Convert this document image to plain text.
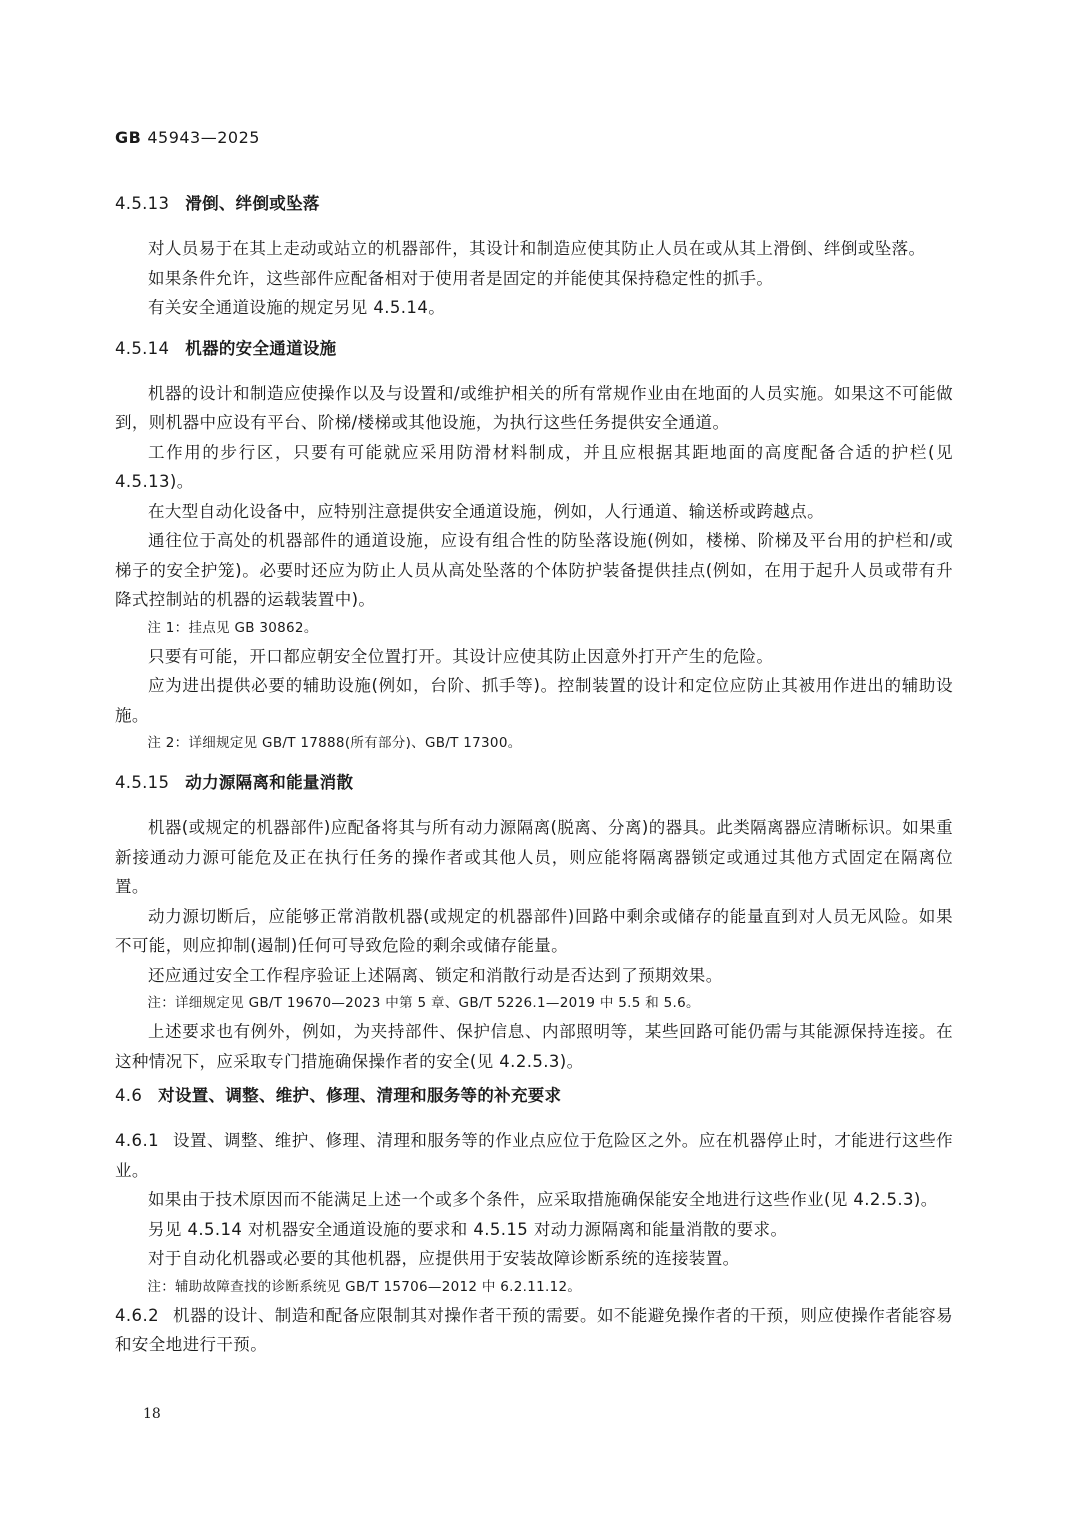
GB 45943—2025
4.5.13 滑倒、绊倒或坠落

对人员易于在其上走动或站立的机器部件，其设计和制造应使其防止人员在或从其上滑倒、绊倒或坠落。

如果条件允许，这些部件应配备相对于使用者是固定的并能使其保持稳定性的抓手。

有关安全通道设施的规定另见 4.5.14。

4.5.14 机器的安全通道设施

机器的设计和制造应使操作以及与设置和/或维护相关的所有常规作业由在地面的人员实施。如果这不可能做到，则机器中应设有平台、阶梯/楼梯或其他设施，为执行这些任务提供安全通道。

工作用的步行区，只要有可能就应采用防滑材料制成，并且应根据其距地面的高度配备合适的护栏(见 4.5.13)。

在大型自动化设备中，应特别注意提供安全通道设施，例如，人行通道、输送桥或跨越点。

通往位于高处的机器部件的通道设施，应设有组合性的防坠落设施(例如，楼梯、阶梯及平台用的护栏和/或梯子的安全护笼)。必要时还应为防止人员从高处坠落的个体防护装备提供挂点(例如，在用于起升人员或带有升降式控制站的机器的运载装置中)。

注 1：挂点见 GB 30862。

只要有可能，开口都应朝安全位置打开。其设计应使其防止因意外打开产生的危险。

应为进出提供必要的辅助设施(例如，台阶、抓手等)。控制装置的设计和定位应防止其被用作进出的辅助设施。

注 2：详细规定见 GB/T 17888(所有部分)、GB/T 17300。

4.5.15 动力源隔离和能量消散

机器(或规定的机器部件)应配备将其与所有动力源隔离(脱离、分离)的器具。此类隔离器应清晰标识。如果重新接通动力源可能危及正在执行任务的操作者或其他人员，则应能将隔离器锁定或通过其他方式固定在隔离位置。

动力源切断后，应能够正常消散机器(或规定的机器部件)回路中剩余或储存的能量直到对人员无风险。如果不可能，则应抑制(遏制)任何可导致危险的剩余或储存能量。

还应通过安全工作程序验证上述隔离、锁定和消散行动是否达到了预期效果。

注：详细规定见 GB/T 19670—2023 中第 5 章、GB/T 5226.1—2019 中 5.5 和 5.6。

上述要求也有例外，例如，为夹持部件、保护信息、内部照明等，某些回路可能仍需与其能源保持连接。在这种情况下，应采取专门措施确保操作者的安全(见 4.2.5.3)。

4.6 对设置、调整、维护、修理、清理和服务等的补充要求

4.6.1 设置、调整、维护、修理、清理和服务等的作业点应位于危险区之外。应在机器停止时，才能进行这些作业。

如果由于技术原因而不能满足上述一个或多个条件，应采取措施确保能安全地进行这些作业(见 4.2.5.3)。

另见 4.5.14 对机器安全通道设施的要求和 4.5.15 对动力源隔离和能量消散的要求。

对于自动化机器或必要的其他机器，应提供用于安装故障诊断系统的连接装置。

注：辅助故障查找的诊断系统见 GB/T 15706—2012 中 6.2.11.12。

4.6.2 机器的设计、制造和配备应限制其对操作者干预的需要。如不能避免操作者的干预，则应使操作者能容易和安全地进行干预。

18
